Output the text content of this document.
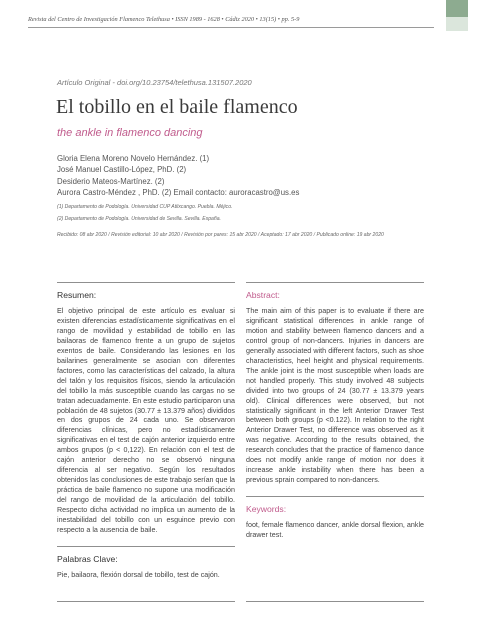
Revista del Centro de Investigación Flamenco Telethusa • ISSN 1989 - 1628 • Cádiz 2020 • 13(15) • pp. 5-9
Artículo Original - doi.org/10.23754/telethusa.131507.2020
El tobillo en el baile flamenco
the ankle in flamenco dancing
Gloria Elena Moreno Novelo Hernández. (1)
José Manuel Castillo-López, PhD. (2)
Desiderio Mateos-Martínez. (2)
Aurora Castro-Méndez , PhD. (2) Email contacto: auroracastro@us.es
(1) Departamento de Podología. Universidad CUP Atlixcango. Puebla. Méjico.
(2) Departamento de Podología. Universidad de Sevilla. Sevilla. España.
Recibido: 08 abr 2020 / Revisión editorial: 10 abr 2020 / Revisión por pares: 15 abr 2020 / Aceptado: 17 abr 2020 / Publicado online: 19 abr 2020
Resumen:

El objetivo principal de este artículo es evaluar si existen diferencias estadísticamente significativas en el rango de movilidad y estabilidad de tobillo en las bailaoras de flamenco frente a un grupo de sujetos exentos de baile. Considerando las lesiones en los bailarines generalmente se asocian con diferentes factores, como las características del calzado, la altura del talón y los requisitos físicos, siendo la articulación del tobillo la más susceptible cuando las cargas no se tratan adecuadamente. En este estudio participaron una población de 48 sujetos (30.77 ± 13.379 años) divididos en dos grupos de 24 cada uno. Se observaron diferencias clínicas, pero no estadísticamente significativas en el test de cajón anterior izquierdo entre ambos grupos (p < 0,122). En relación con el test de cajón anterior derecho no se observó ninguna diferencia al ser negativo. Según los resultados obtenidos las conclusiones de este trabajo serían que la práctica de baile flamenco no supone una modificación del rango de movilidad de la articulación del tobillo. Respecto dicha actividad no implica un aumento de la inestabilidad del tobillo con un esguince previo con respecto a la ausencia de baile.

Palabras Clave:

Pie, bailaora, flexión dorsal de tobillo, test de cajón.

Abstract:

The main aim of this paper is to evaluate if there are significant statistical differences in ankle range of motion and stability between flamenco dancers and a control group of non-dancers. Injuries in dancers are generally associated with different factors, such as shoe characteristics, heel height and physical requirements. The ankle joint is the most susceptible when loads are not handled properly. This study involved 48 subjects divided into two groups of 24 (30.77 ± 13.379 years old). Clinical differences were observed, but not statistically significant in the left Anterior Drawer Test between both groups (p <0.122). In relation to the right Anterior Drawer Test, no difference was observed as it was negative. According to the results obtained, the research concludes that the practice of flamenco dance does not modify ankle range of motion nor does it increase ankle instability when there has been a previous sprain compared to non-dancers.

Keywords:

foot, female flamenco dancer, ankle dorsal flexion, ankle drawer test.
